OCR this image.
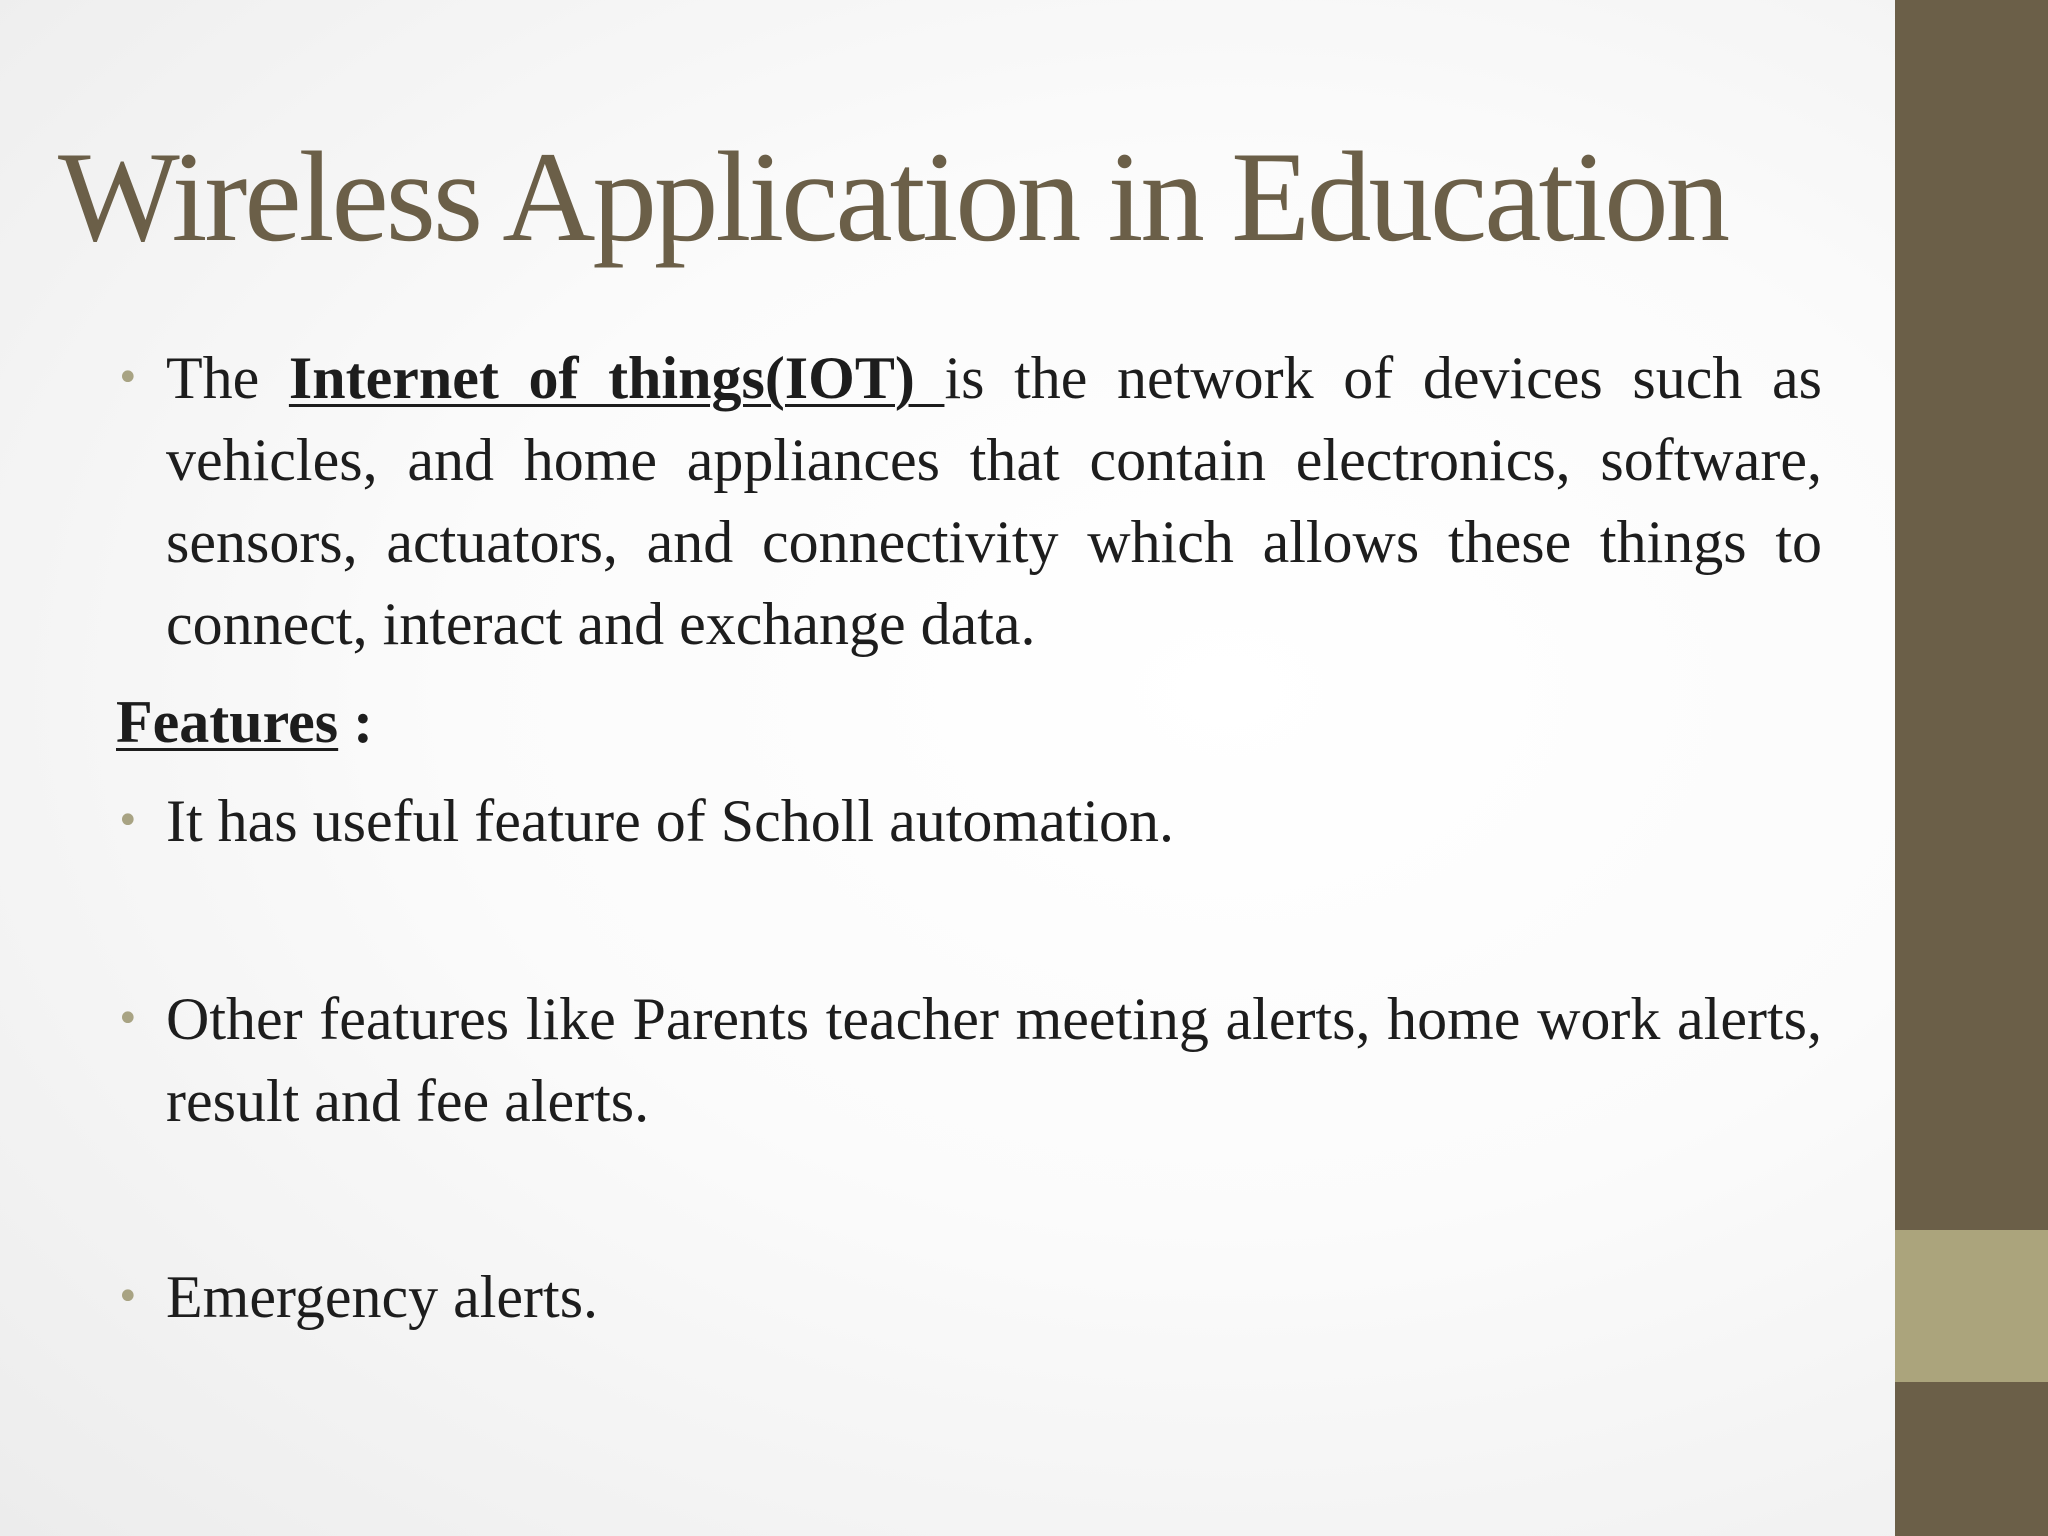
Wireless Application in Education
• The Internet of things(IOT) is the network of devices such as vehicles, and home appliances that contain electronics, software, sensors, actuators, and connectivity which allows these things to connect, interact and exchange data.
Features :
• It has useful feature of Scholl automation.
• Other features like Parents teacher meeting alerts, home work alerts, result and fee alerts.
• Emergency alerts.
